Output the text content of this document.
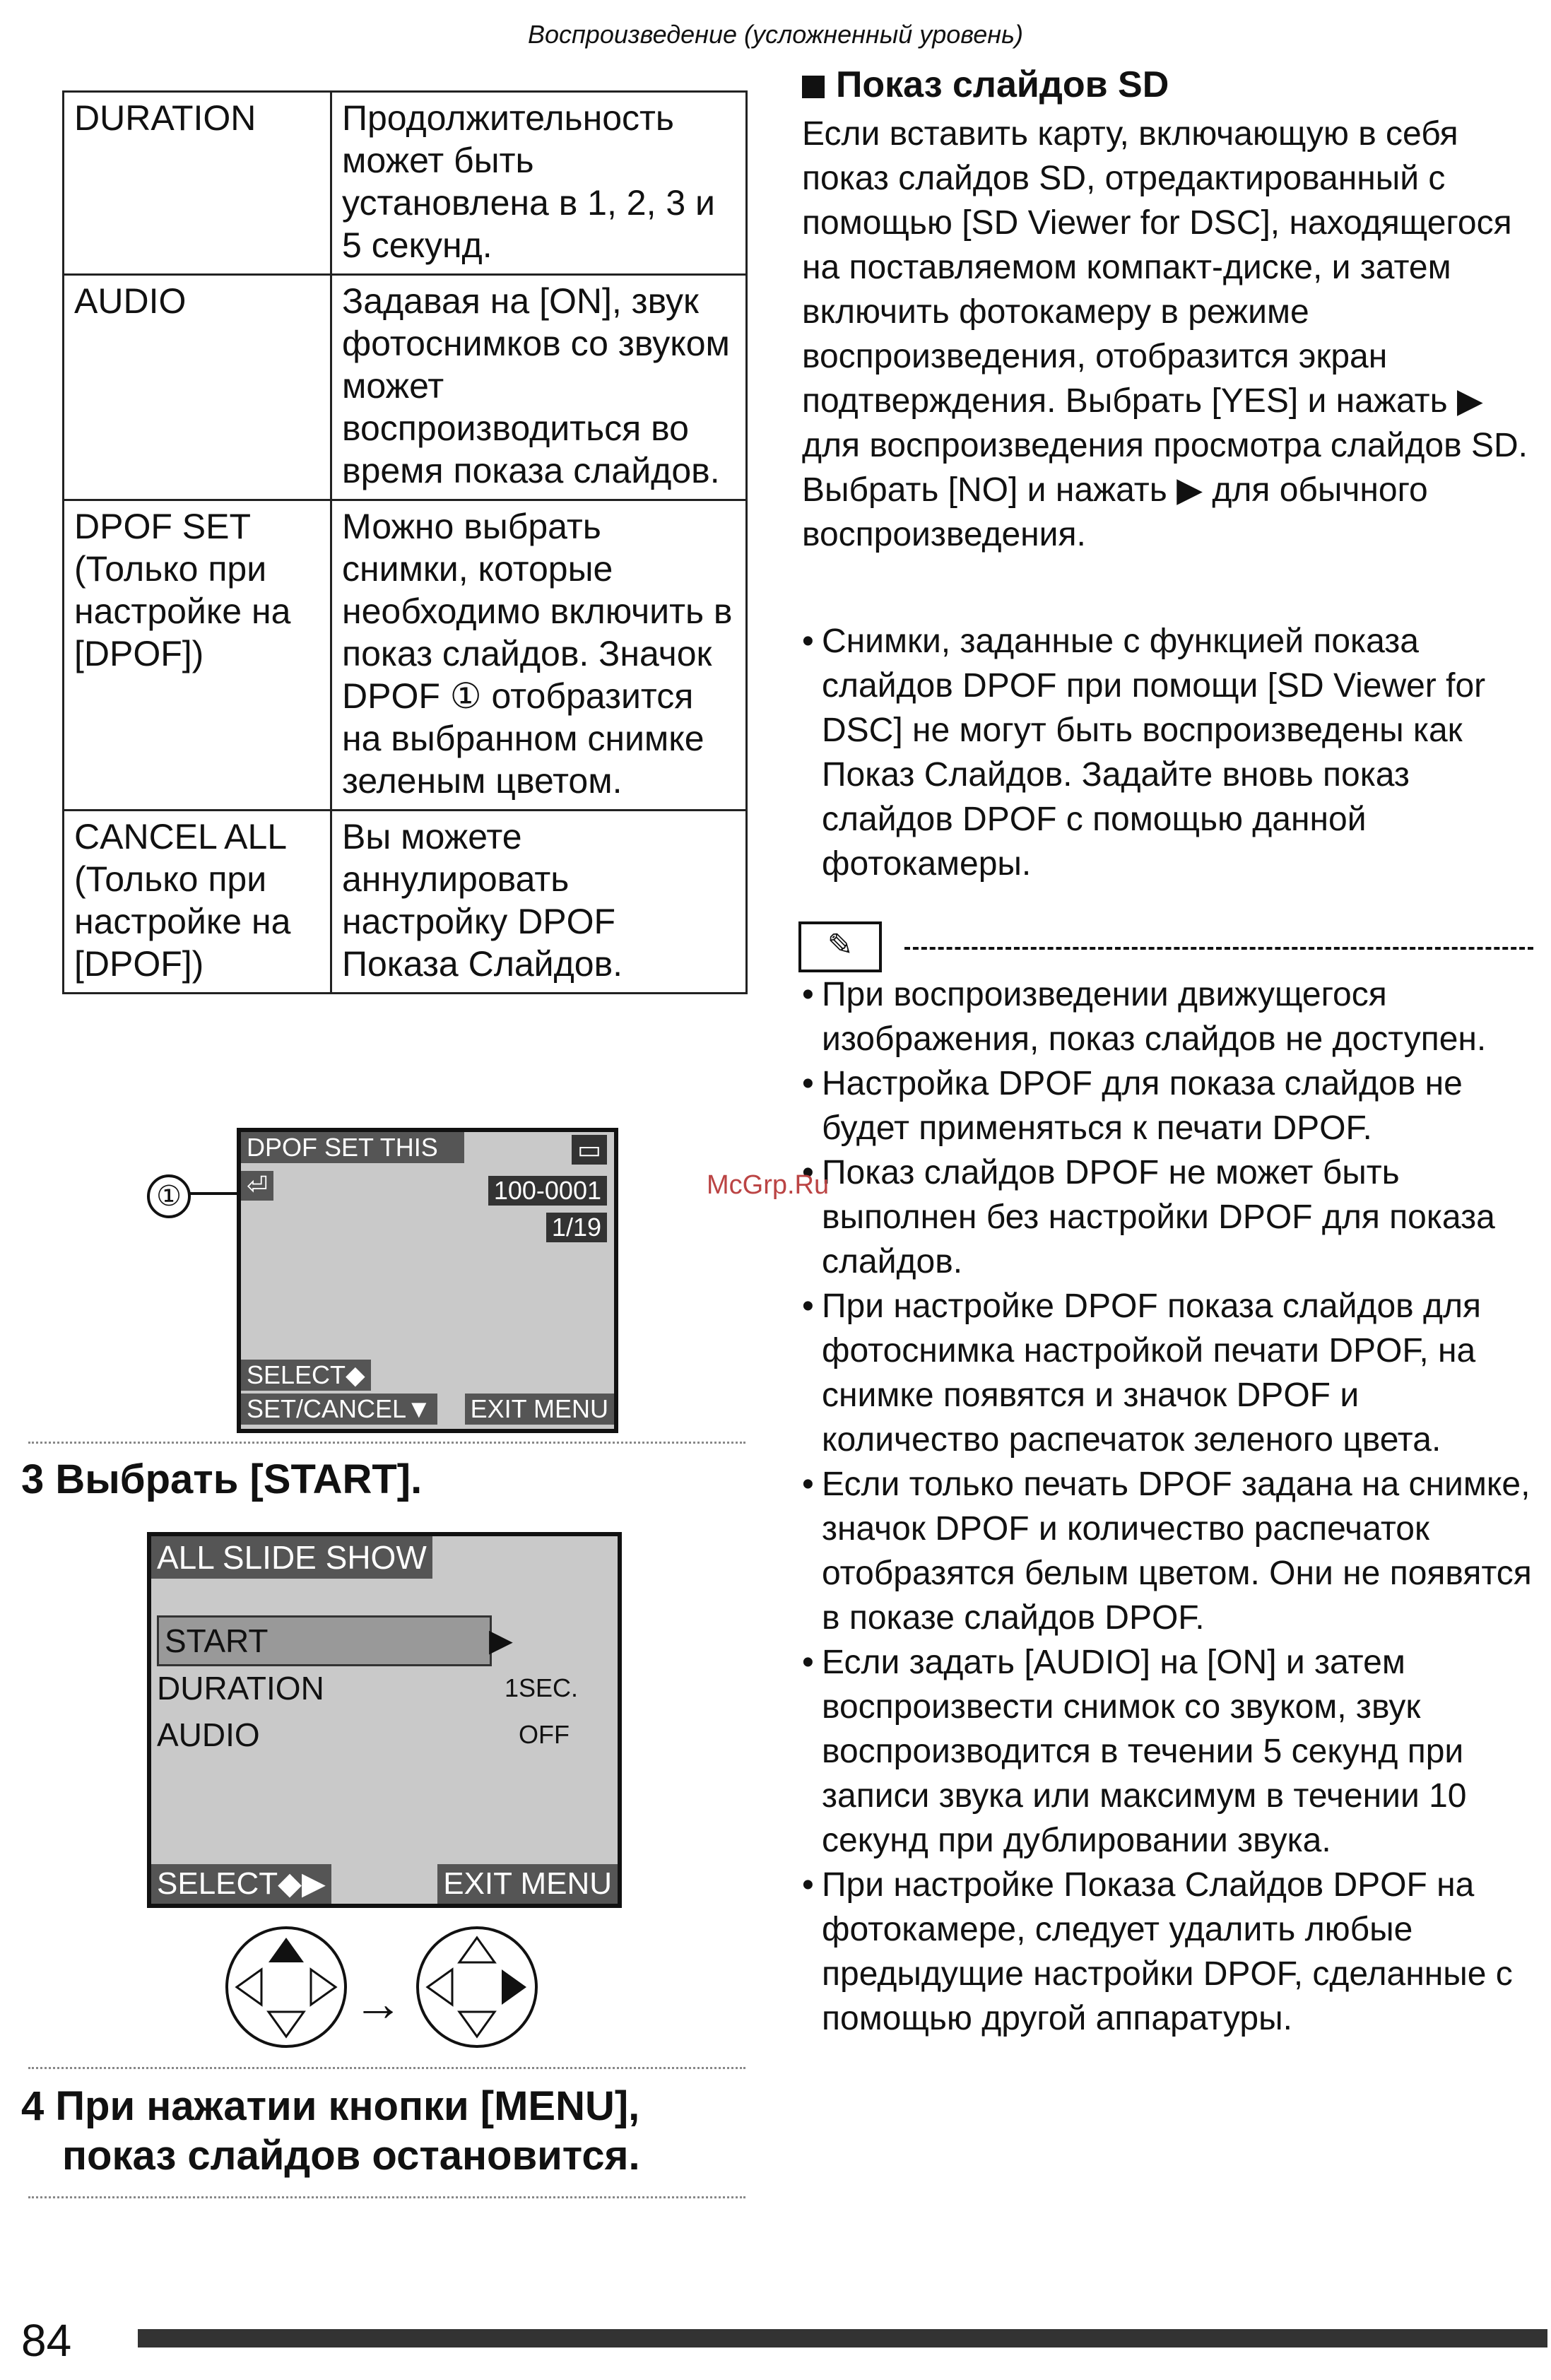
Воспроизведение (усложненный уровень)
DURATION	Продолжительность может быть установлена в 1, 2, 3 и 5 секунд.
AUDIO	Задавая на [ON], звук фотоснимков со звуком может воспроизводиться во время показа слайдов.
DPOF SET (Только при настройке на [DPOF])	Можно выбрать снимки, которые необходимо включить в показ слайдов. Значок DPOF ① отобразится на выбранном снимке зеленым цветом.
CANCEL ALL (Только при настройке на [DPOF])	Вы можете аннулировать настройку DPOF Показа Слайдов.
①
DPOF SET THIS	▭
100-0001
1/19
⏎
SELECT◆
SET/CANCEL▼ EXIT MENU
3 Выбрать [START].
ALL SLIDE SHOW
START	▶
DURATION	1SEC.
AUDIO	OFF
SELECT◆▶	EXIT MENU
→
4 При нажатии кнопки [MENU],
показ слайдов остановится.
Показ слайдов SD
Если вставить карту, включающую в себя показ слайдов SD, отредактированный с помощью [SD Viewer for DSC], находящегося на поставляемом компакт-диске, и затем включить фотокамеру в режиме воспроизведения, отобразится экран подтверждения. Выбрать [YES] и нажать ▶ для воспроизведения просмотра слайдов SD. Выбрать [NO] и нажать ▶ для обычного воспроизведения.
• Снимки, заданные с функцией показа слайдов DPOF при помощи [SD Viewer for DSC] не могут быть воспроизведены как Показ Слайдов. Задайте вновь показ слайдов DPOF с помощью данной фотокамеры.
✎
• При воспроизведении движущегося изображения, показ слайдов не доступен.
• Настройка DPOF для показа слайдов не будет применяться к печати DPOF.
• Показ слайдов DPOF не может быть выполнен без настройки DPOF для показа слайдов.
• При настройке DPOF показа слайдов для фотоснимка настройкой печати DPOF, на снимке появятся и значок DPOF и количество распечаток зеленого цвета.
• Если только печать DPOF задана на снимке, значок DPOF и количество распечаток отобразятся белым цветом. Они не появятся в показе слайдов DPOF.
• Если задать [AUDIO] на [ON] и затем воспроизвести снимок со звуком, звук воспроизводится в течении 5 секунд при записи звука или максимум в течении 10 секунд при дублировании звука.
• При настройке Показа Слайдов DPOF на фотокамере, следует удалить любые предыдущие настройки DPOF, сделанные с помощью другой аппаратуры.
McGrp.Ru
84
